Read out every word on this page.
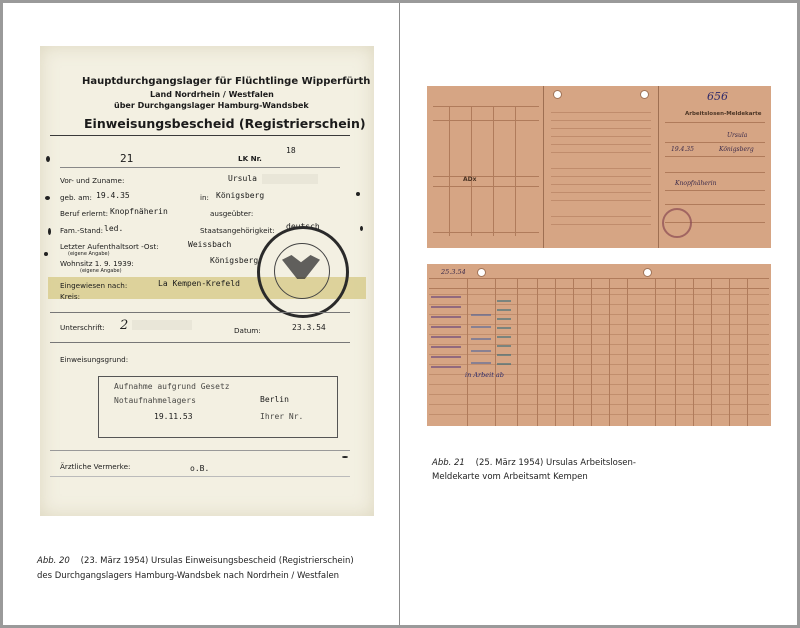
Hauptdurchgangslager für Flüchtlinge Wipperfürth
Land Nordrhein / Westfalen
über Durchgangslager Hamburg-Wandsbek
Einweisungsbescheid (Registrierschein)
21	LK Nr.
18
Vor- und Zuname:	Ursula
geb. am: 19.4.35	in: Königsberg
Beruf erlernt: Knopfnäherin	ausgeübter:
Fam.-Stand: led.	Staatsangehörigkeit: deutsch
Letzter Aufenthaltsort -Ost:	Weissbach
(eigene Angabe)
Wohnsitz 1. 9. 1939:	Königsberg
(eigene Angabe)
Eingewiesen nach:	La Kempen-Krefeld
Kreis:
Unterschrift: 2	Datum:	23.3.54
Einweisungsgrund:
Aufnahme aufgrund Gesetz
Notaufnahmelagers	Berlin
19.11.53	Ihrer Nr.
Ärztliche Vermerke:	o.B.
Abb. 20 (23. März 1954) Ursulas Einweisungsbescheid (Registrierschein)
des Durchgangslagers Hamburg-Wandsbek nach Nordrhein / Westfalen
ADx
656
Arbeitslosen-Meldekarte
Ursula
19.4.35	Königsberg
Knopfnäherin
25.3.54
in Arbeit ab
Abb. 21 (25. März 1954) Ursulas Arbeitslosen-
Meldekarte vom Arbeitsamt Kempen
